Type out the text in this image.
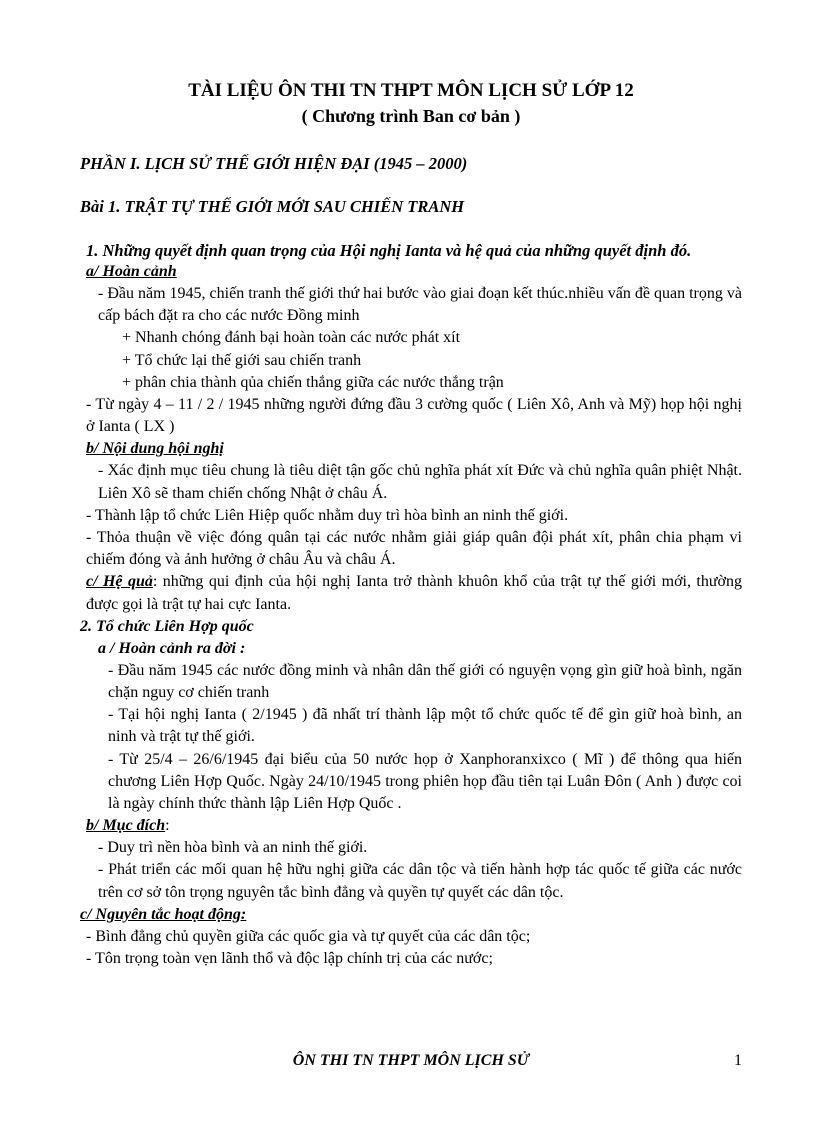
TÀI LIỆU ÔN THI TN THPT MÔN LỊCH SỬ LỚP 12

( Chương trình Ban cơ bản )

PHẦN I. LỊCH SỬ THẾ GIỚI HIỆN ĐẠI (1945 – 2000)

Bài 1. TRẬT TỰ THẾ GIỚI MỚI SAU CHIẾN TRANH

1. Những quyết định quan trọng của Hội nghị Ianta và hệ quả của những quyết định đó.

a/ Hoàn cảnh

- Đầu năm 1945, chiến tranh thế giới thứ hai bước vào giai đoạn kết thúc.nhiều vấn đề quan trọng và cấp bách đặt ra cho các nước Đồng minh

+ Nhanh chóng đánh bại hoàn toàn các nước phát xít

+ Tổ chức lại thế giới sau chiến tranh

+ phân chia thành qủa chiến thắng giữa các nước thắng trận

- Từ ngày 4 – 11 / 2 / 1945 những người đứng đầu 3 cường quốc ( Liên Xô, Anh và Mỹ) họp hội nghị ở Ianta ( LX )

b/ Nội dung hội nghị

- Xác định mục tiêu chung là tiêu diệt tận gốc chủ nghĩa phát xít Đức và chủ nghĩa quân phiệt Nhật. Liên Xô sẽ tham chiến chống Nhật ở châu Á.

- Thành lập tổ chức Liên Hiệp quốc nhằm duy trì hòa bình an ninh thế giới.

- Thỏa thuận về việc đóng quân tại các nước nhằm giải giáp quân đội phát xít, phân chia phạm vi chiếm đóng và ảnh hưởng ở châu Âu và châu Á.

c/ Hệ quả: những qui định của hội nghị Ianta trở thành khuôn khổ của trật tự thế giới mới, thường được gọi là trật tự hai cực Ianta.

2. Tổ chức Liên Hợp quốc

a / Hoàn cảnh ra đời :

- Đầu năm 1945 các nước đồng minh và nhân dân thế giới có nguyện vọng gìn giữ hoà bình, ngăn chặn nguy cơ chiến tranh

- Tại hội nghị Ianta ( 2/1945 ) đã nhất trí thành lập một tổ chức quốc tế để gìn giữ hoà bình, an ninh và trật tự thế giới.

- Từ 25/4 – 26/6/1945 đại biểu của 50 nước họp ở Xanphoranxixco ( Mĩ ) để thông qua hiến chương Liên Hợp Quốc. Ngày 24/10/1945 trong phiên họp đầu tiên tại Luân Đôn ( Anh ) được coi là ngày chính thức thành lập Liên Hợp Quốc .

b/ Mục đích:

- Duy trì nền hòa bình và an ninh thế giới.

- Phát triển các mối quan hệ hữu nghị giữa các dân tộc và tiến hành hợp tác quốc tế giữa các nước trên cơ sở tôn trọng nguyên tắc bình đẳng và quyền tự quyết các dân tộc.

c/ Nguyên tắc hoạt động:

- Bình đẳng chủ quyền giữa các quốc gia và tự quyết của các dân tộc;

- Tôn trọng toàn vẹn lãnh thổ và độc lập chính trị của các nước;

ÔN THI TN THPT MÔN LỊCH SỬ	1
